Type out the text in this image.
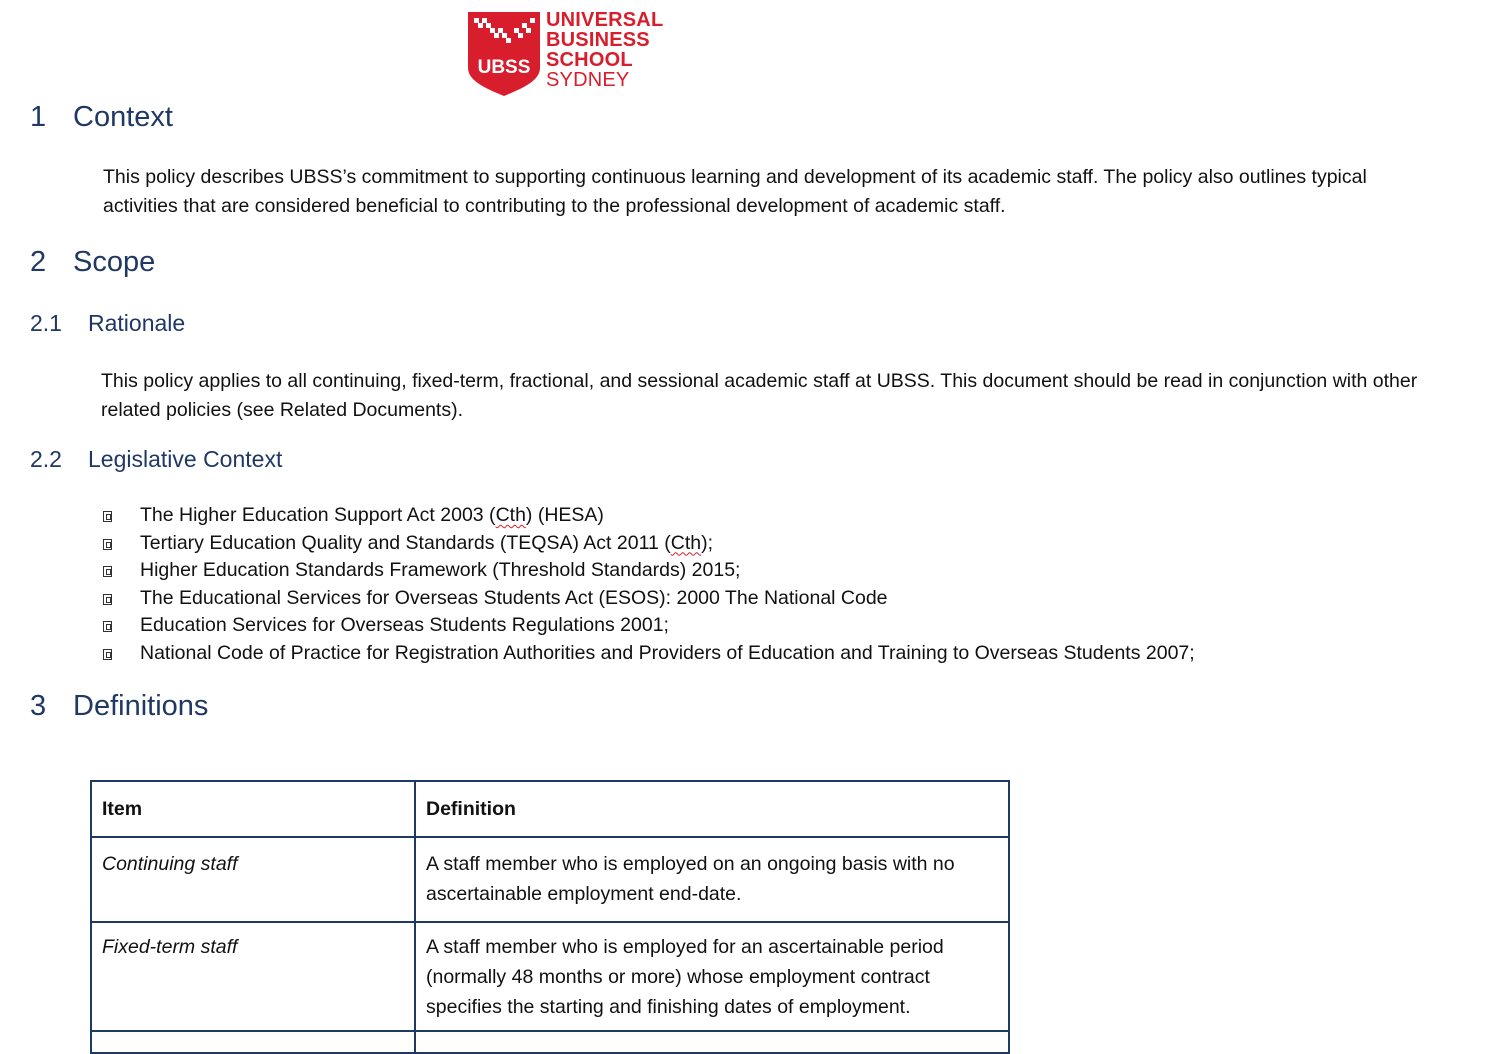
UBSS
UNIVERSAL
BUSINESS
SCHOOL
SYDNEY
1 Context
This policy describes UBSS’s commitment to supporting continuous learning and development of its academic staff. The policy also outlines typical
activities that are considered beneficial to contributing to the professional development of academic staff.
2 Scope
2.1 Rationale
This policy applies to all continuing, fixed-term, fractional, and sessional academic staff at UBSS. This document should be read in conjunction with other
related policies (see Related Documents).
2.2 Legislative Context
The Higher Education Support Act 2003 (Cth) (HESA)
Tertiary Education Quality and Standards (TEQSA) Act 2011 (Cth);
Higher Education Standards Framework (Threshold Standards) 2015;
The Educational Services for Overseas Students Act (ESOS): 2000 The National Code
Education Services for Overseas Students Regulations 2001;
National Code of Practice for Registration Authorities and Providers of Education and Training to Overseas Students 2007;
3 Definitions
Item	Definition
Continuing staff	A staff member who is employed on an ongoing basis with no
ascertainable employment end-date.

Fixed-term staff	A staff member who is employed for an ascertainable period
(normally 48 months or more) whose employment contract
specifies the starting and finishing dates of employment.
